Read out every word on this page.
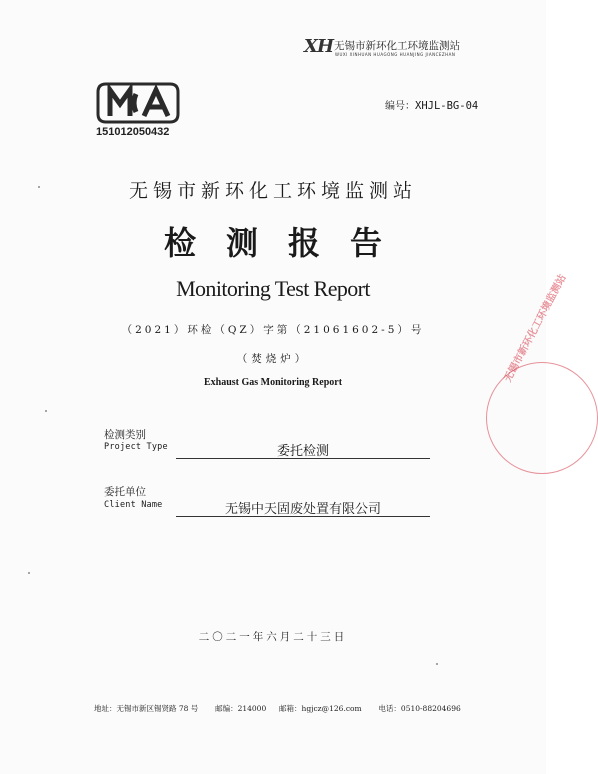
XH 无锡市新环化工环境监测站
WUXI XINHUAN HUAGONG HUANJING JIANCEZHAN
151012050432
编号：XHJL-BG-04
无锡市新环化工环境监测站
检测报告
Monitoring Test Report
（2021）环检（QZ）字第（21061602-5）号
（焚烧炉）
Exhaust Gas Monitoring Report
检测类别
Project Type	委托检测
委托单位
Client Name	无锡中天固废处置有限公司
二〇二一年六月二十三日
地址：无锡市新区锡贤路 78 号 邮编：214000 邮箱：hgjcz@126.com 电话：0510-88204696
无锡市新环化工环境监测站
